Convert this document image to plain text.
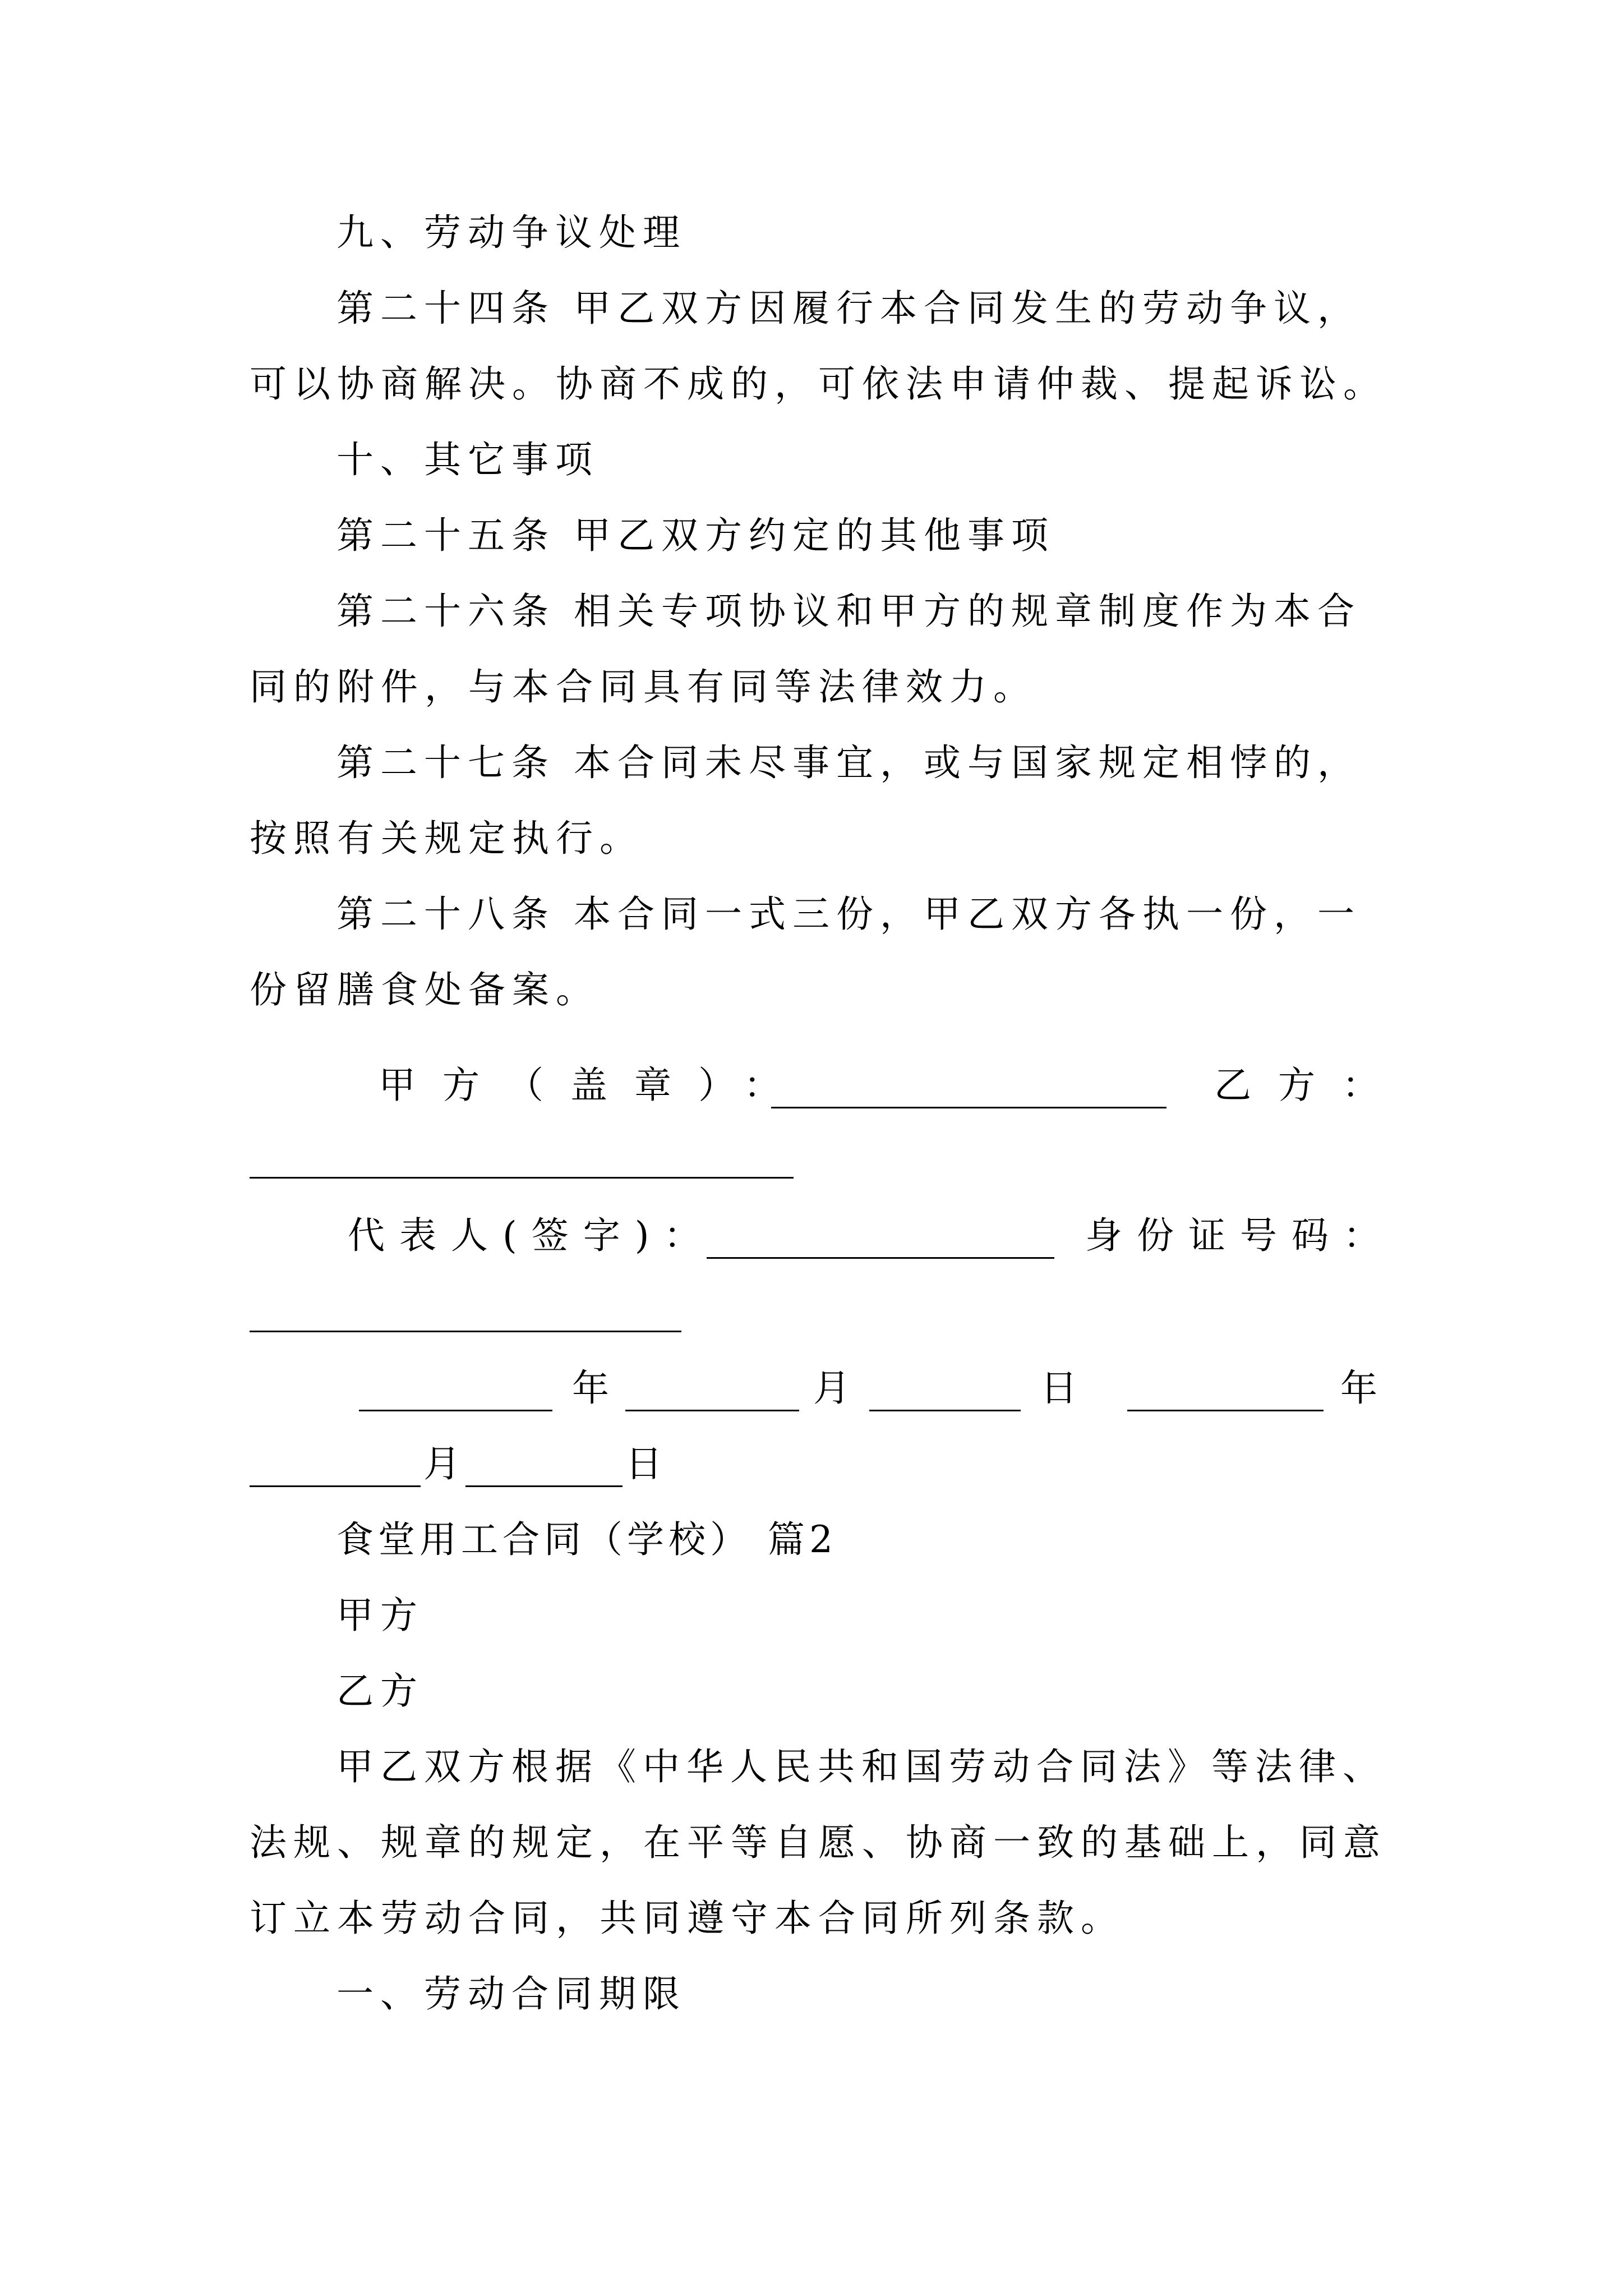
九、劳动争议处理

第二十四条 甲乙双方因履行本合同发生的劳动争议，

可以协商解决。协商不成的，可依法申请仲裁、提起诉讼。

十、其它事项

第二十五条 甲乙双方约定的其他事项

第二十六条 相关专项协议和甲方的规章制度作为本合

同的附件，与本合同具有同等法律效力。

第二十七条 本合同未尽事宜，或与国家规定相悖的，

按照有关规定执行。

第二十八条 本合同一式三份，甲乙双方各执一份，一

份留膳食处备案。

甲方（盖章）：	乙方：
代表人(签字)：	身份证号码：
年	月	日	年
月	日

食堂用工合同（学校） 篇2

甲方

乙方

甲乙双方根据《中华人民共和国劳动合同法》等法律、

法规、规章的规定，在平等自愿、协商一致的基础上，同意

订立本劳动合同，共同遵守本合同所列条款。

一、劳动合同期限
